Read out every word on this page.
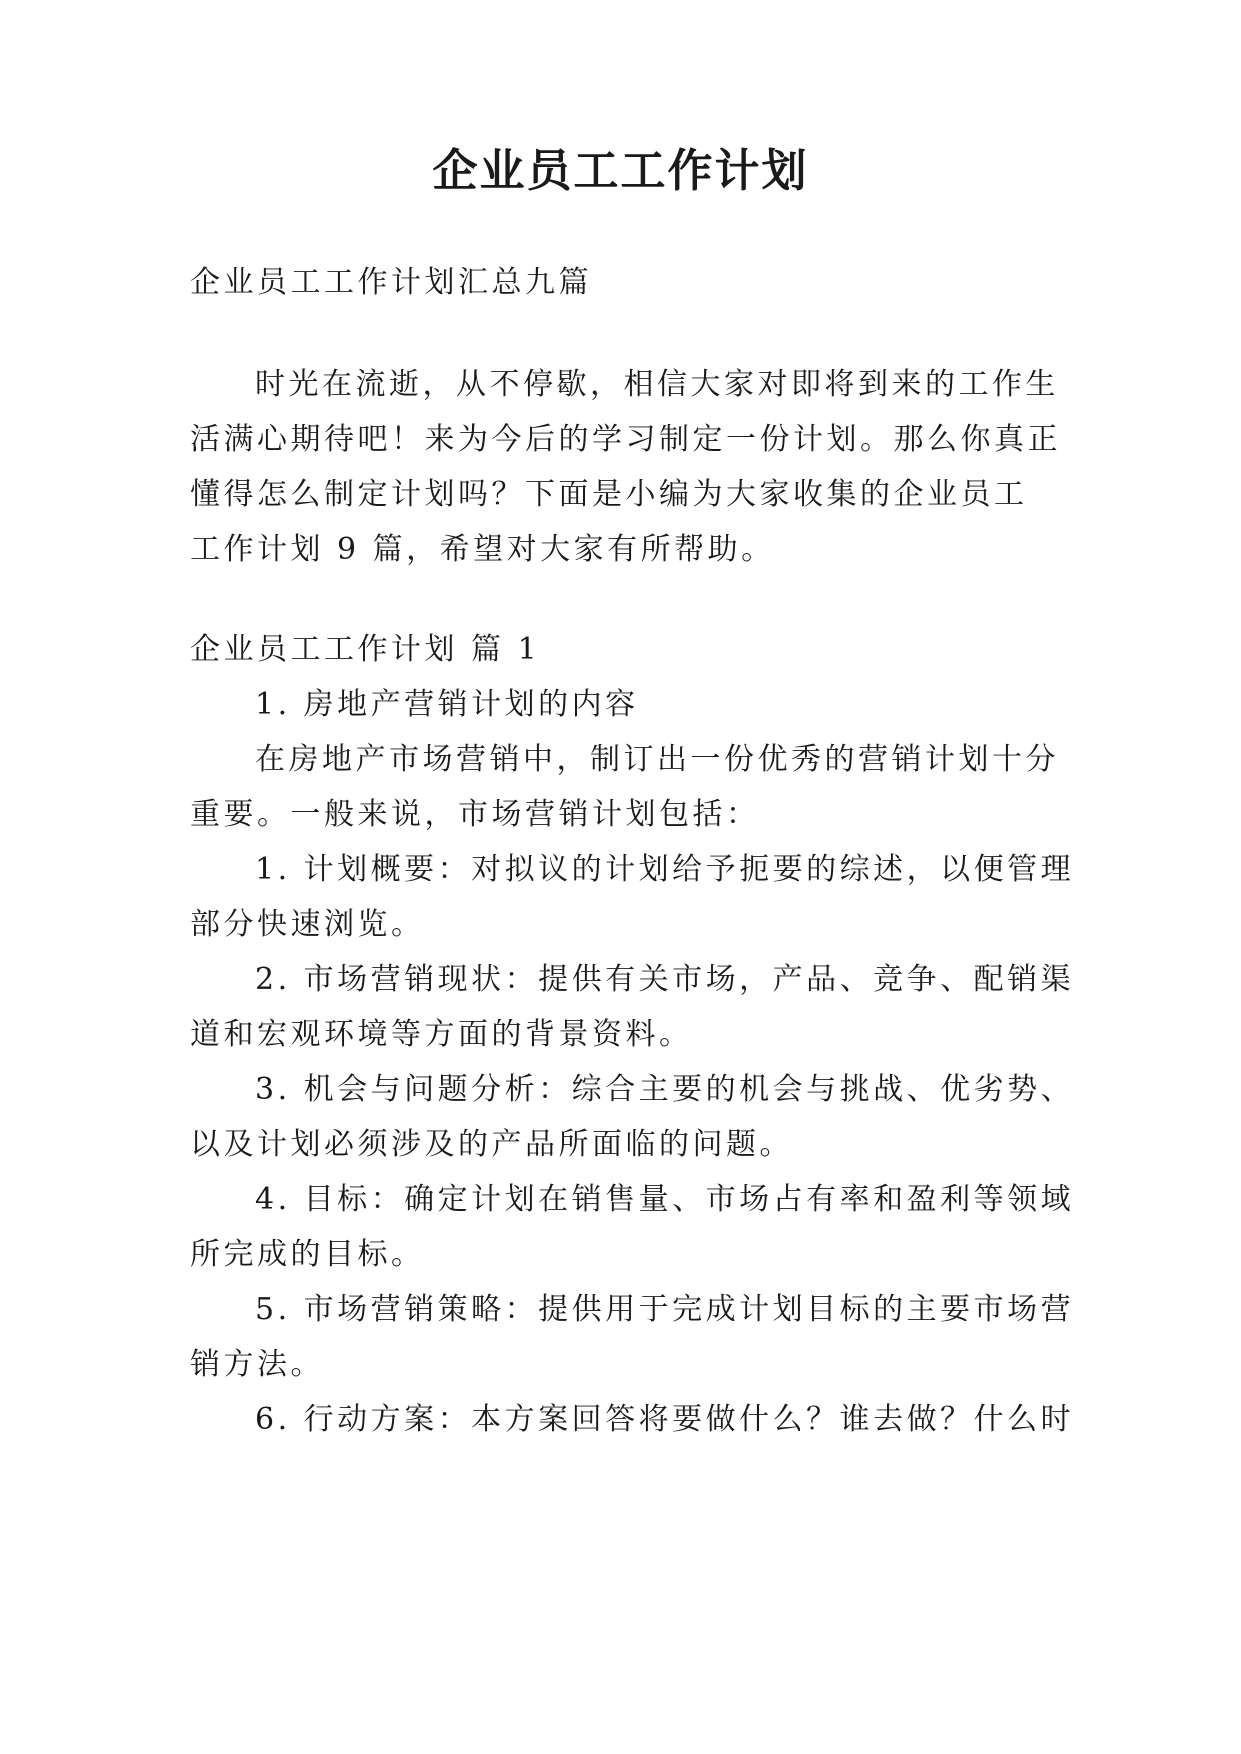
企业员工工作计划

企业员工工作计划汇总九篇

时光在流逝，从不停歇，相信大家对即将到来的工作生

活满心期待吧！来为今后的学习制定一份计划。那么你真正

懂得怎么制定计划吗？下面是小编为大家收集的企业员工

工作计划 9 篇，希望对大家有所帮助。

企业员工工作计划 篇 1

1. 房地产营销计划的内容

在房地产市场营销中，制订出一份优秀的营销计划十分

重要。一般来说，市场营销计划包括：

1. 计划概要：对拟议的计划给予扼要的综述，以便管理

部分快速浏览。

2. 市场营销现状：提供有关市场，产品、竞争、配销渠

道和宏观环境等方面的背景资料。

3. 机会与问题分析：综合主要的机会与挑战、优劣势、

以及计划必须涉及的产品所面临的问题。

4. 目标：确定计划在销售量、市场占有率和盈利等领域

所完成的目标。

5. 市场营销策略：提供用于完成计划目标的主要市场营

销方法。

6. 行动方案：本方案回答将要做什么？谁去做？什么时
